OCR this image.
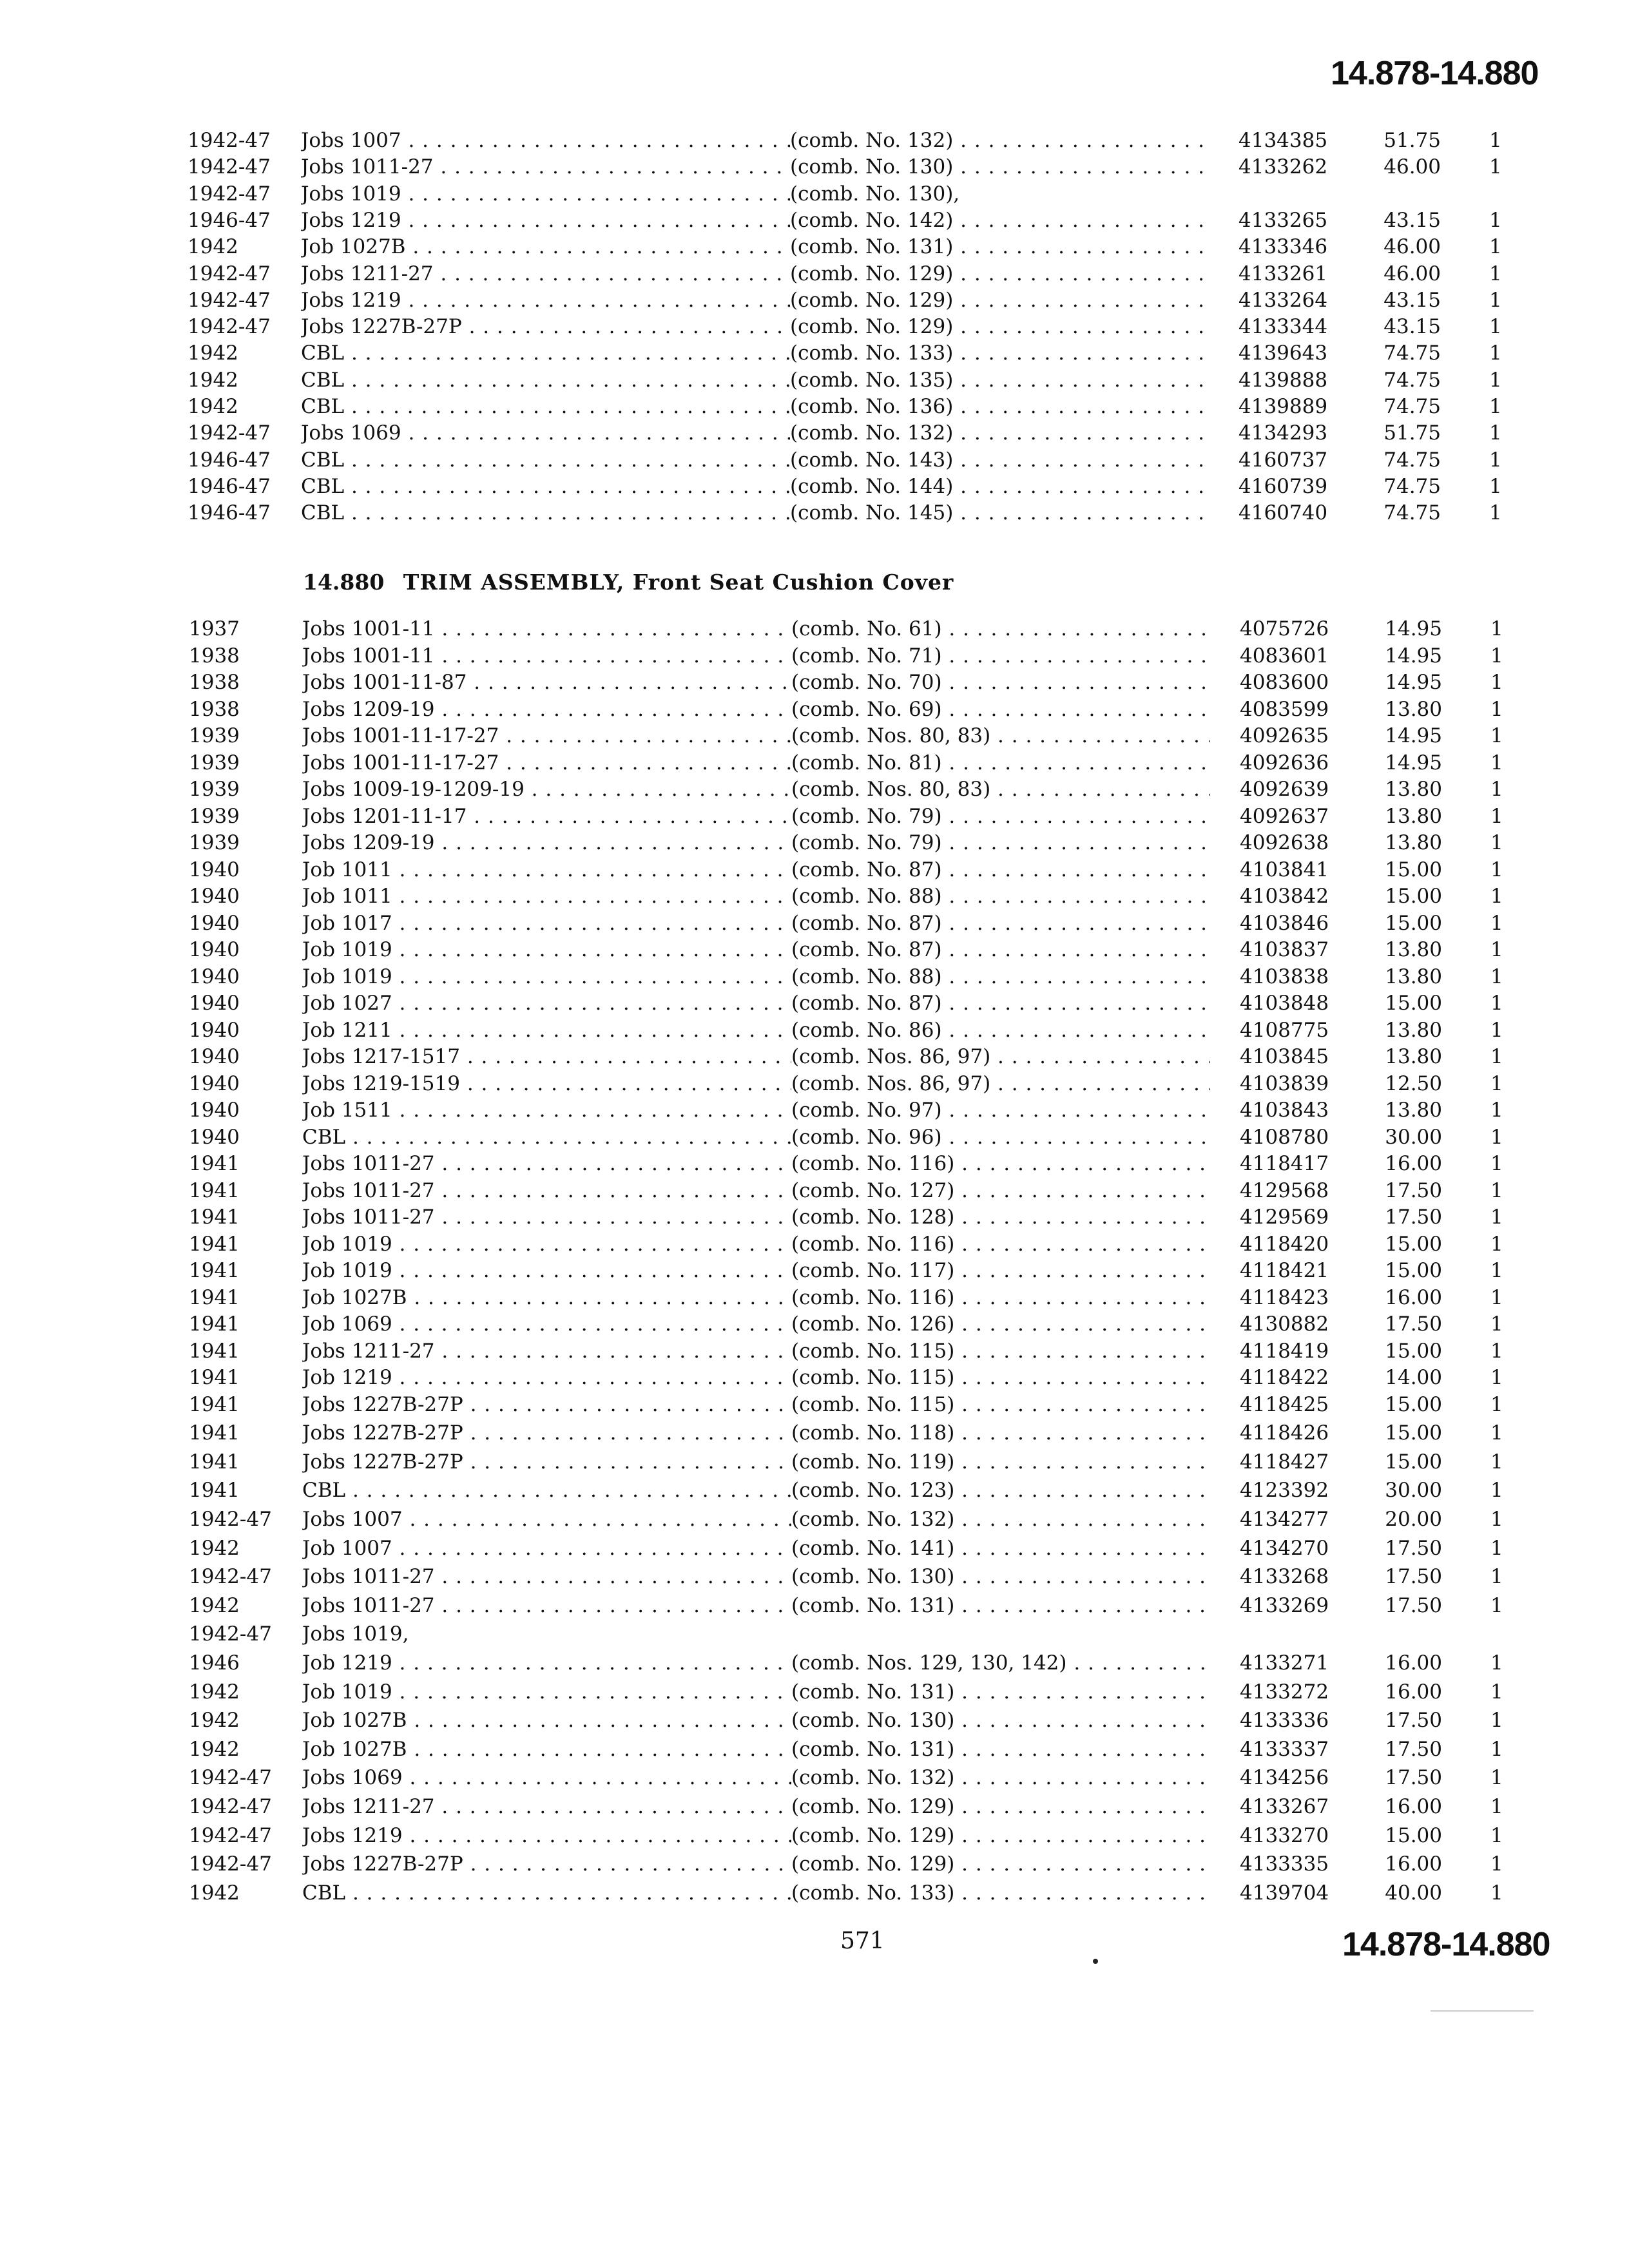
14.878-14.880
1942-47	Jobs 1007 . . .	(comb. No. 132) . . .	4134385	51.75 1
1942-47	Jobs 1011-27 . . .	(comb. No. 130) . . .	4133262	46.00 1
1942-47	Jobs 1019 . . .	(comb. No. 130),
1946-47	Jobs 1219 . . .	(comb. No. 142) . . .	4133265	43.15 1
1942	Job 1027B . . .	(comb. No. 131) . . .	4133346	46.00 1
1942-47	Jobs 1211-27 . . .	(comb. No. 129) . . .	4133261	46.00 1
1942-47	Jobs 1219 . . .	(comb. No. 129) . . .	4133264	43.15 1
1942-47	Jobs 1227B-27P . . .	(comb. No. 129) . . .	4133344	43.15 1
1942	CBL . . .	(comb. No. 133) . . .	4139643	74.75 1
1942	CBL . . .	(comb. No. 135) . . .	4139888	74.75 1
1942	CBL . . .	(comb. No. 136) . . .	4139889	74.75 1
1942-47	Jobs 1069 . . .	(comb. No. 132) . . .	4134293	51.75 1
1946-47	CBL . . .	(comb. No. 143) . . .	4160737	74.75 1
1946-47	CBL . . .	(comb. No. 144) . . .	4160739	74.75 1
1946-47	CBL . . .	(comb. No. 145) . . .	4160740	74.75 1
14.880 TRIM ASSEMBLY, Front Seat Cushion Cover
1937	Jobs 1001-11 . . .	(comb. No. 61) . . .	4075726	14.95 1
1938	Jobs 1001-11 . . .	(comb. No. 71) . . .	4083601	14.95 1
1938	Jobs 1001-11-87 . . .	(comb. No. 70) . . .	4083600	14.95 1
1938	Jobs 1209-19 . . .	(comb. No. 69) . . .	4083599	13.80 1
1939	Jobs 1001-11-17-27 . . .	(comb. Nos. 80, 83) . . .	4092635	14.95 1
1939	Jobs 1001-11-17-27 . . .	(comb. No. 81) . . .	4092636	14.95 1
1939	Jobs 1009-19-1209-19 . . .	(comb. Nos. 80, 83) . . .	4092639	13.80 1
1939	Jobs 1201-11-17 . . .	(comb. No. 79) . . .	4092637	13.80 1
1939	Jobs 1209-19 . . .	(comb. No. 79) . . .	4092638	13.80 1
1940	Job 1011 . . .	(comb. No. 87) . . .	4103841	15.00 1
1940	Job 1011 . . .	(comb. No. 88) . . .	4103842	15.00 1
1940	Job 1017 . . .	(comb. No. 87) . . .	4103846	15.00 1
1940	Job 1019 . . .	(comb. No. 87) . . .	4103837	13.80 1
1940	Job 1019 . . .	(comb. No. 88) . . .	4103838	13.80 1
1940	Job 1027 . . .	(comb. No. 87) . . .	4103848	15.00 1
1940	Job 1211 . . .	(comb. No. 86) . . .	4108775	13.80 1
1940	Jobs 1217-1517 . . .	(comb. Nos. 86, 97) . . .	4103845	13.80 1
1940	Jobs 1219-1519 . . .	(comb. Nos. 86, 97) . . .	4103839	12.50 1
1940	Job 1511 . . .	(comb. No. 97) . . .	4103843	13.80 1
1940	CBL . . .	(comb. No. 96) . . .	4108780	30.00 1
1941	Jobs 1011-27 . . .	(comb. No. 116) . . .	4118417	16.00 1
1941	Jobs 1011-27 . . .	(comb. No. 127) . . .	4129568	17.50 1
1941	Jobs 1011-27 . . .	(comb. No. 128) . . .	4129569	17.50 1
1941	Job 1019 . . .	(comb. No. 116) . . .	4118420	15.00 1
1941	Job 1019 . . .	(comb. No. 117) . . .	4118421	15.00 1
1941	Job 1027B . . .	(comb. No. 116) . . .	4118423	16.00 1
1941	Job 1069 . . .	(comb. No. 126) . . .	4130882	17.50 1
1941	Jobs 1211-27 . . .	(comb. No. 115) . . .	4118419	15.00 1
1941	Job 1219 . . .	(comb. No. 115) . . .	4118422	14.00 1
1941	Jobs 1227B-27P . . .	(comb. No. 115) . . .	4118425	15.00 1
1941	Jobs 1227B-27P . . .	(comb. No. 118) . . .	4118426	15.00 1
1941	Jobs 1227B-27P . . .	(comb. No. 119) . . .	4118427	15.00 1
1941	CBL . . .	(comb. No. 123) . . .	4123392	30.00 1
1942-47	Jobs 1007 . . .	(comb. No. 132) . . .	4134277	20.00 1
1942	Job 1007 . . .	(comb. No. 141) . . .	4134270	17.50 1
1942-47	Jobs 1011-27 . . .	(comb. No. 130) . . .	4133268	17.50 1
1942	Jobs 1011-27 . . .	(comb. No. 131) . . .	4133269	17.50 1
1942-47	Jobs 1019,
1946	Job 1219 . . .	(comb. Nos. 129, 130, 142) . . .	4133271	16.00 1
1942	Job 1019 . . .	(comb. No. 131) . . .	4133272	16.00 1
1942	Job 1027B . . .	(comb. No. 130) . . .	4133336	17.50 1
1942	Job 1027B . . .	(comb. No. 131) . . .	4133337	17.50 1
1942-47	Jobs 1069 . . .	(comb. No. 132) . . .	4134256	17.50 1
1942-47	Jobs 1211-27 . . .	(comb. No. 129) . . .	4133267	16.00 1
1942-47	Jobs 1219 . . .	(comb. No. 129) . . .	4133270	15.00 1
1942-47	Jobs 1227B-27P . . .	(comb. No. 129) . . .	4133335	16.00 1
1942	CBL . . .	(comb. No. 133) . . .	4139704	40.00 1
571	14.878-14.880
